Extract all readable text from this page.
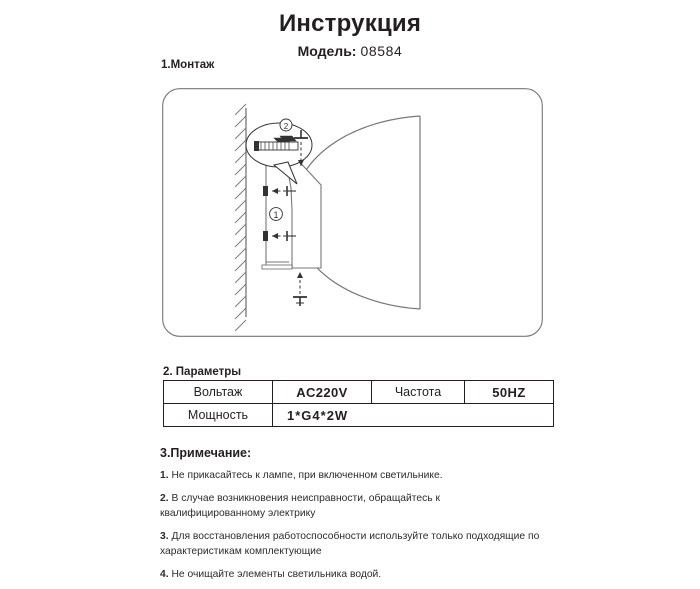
Инструкция
Модель: 08584
1.Монтаж
1
2
2. Параметры
Вольтаж	AC220V	Частота	50HZ
Мощность	1*G4*2W		
3.Примечание:
1. Не прикасайтесь к лампе, при включенном светильнике.
2. В случае возникновения неисправности, обращайтесь к квалифицированному электрику
3. Для восстановления работоспособности используйте только подходящие по характеристикам комплектующие
4. Не очищайте элементы светильника водой.
